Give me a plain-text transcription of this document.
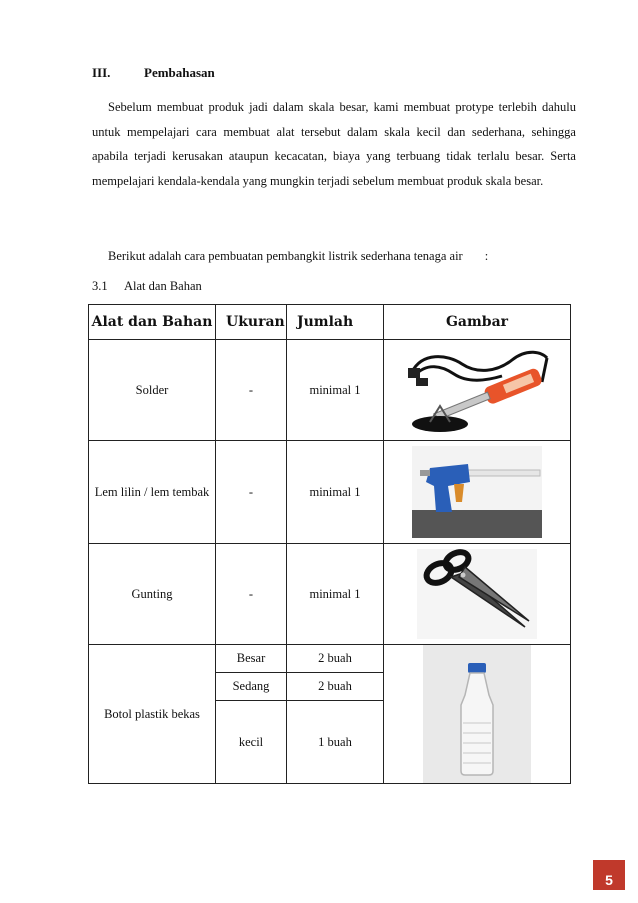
III.	Pembahasan
Sebelum membuat produk jadi dalam skala besar, kami membuat protype terlebih dahulu untuk mempelajari cara membuat alat tersebut dalam skala kecil dan sederhana, sehingga apabila terjadi kerusakan ataupun kecacatan, biaya yang terbuang tidak terlalu besar. Serta mempelajari kendala-kendala yang mungkin terjadi sebelum membuat produk skala besar.
Berikut adalah cara pembuatan pembangkit listrik sederhana tenaga air :
3.1 Alat dan Bahan
Alat dan Bahan	Ukuran	Jumlah	Gambar
Solder	-	minimal 1	

Lem lilin / lem tembak	-	minimal 1	

Gunting	-	minimal 1	

Botol plastik bekas	Besar	2 buah	

	Sedang	2 buah	
	kecil	1 buah	
5
